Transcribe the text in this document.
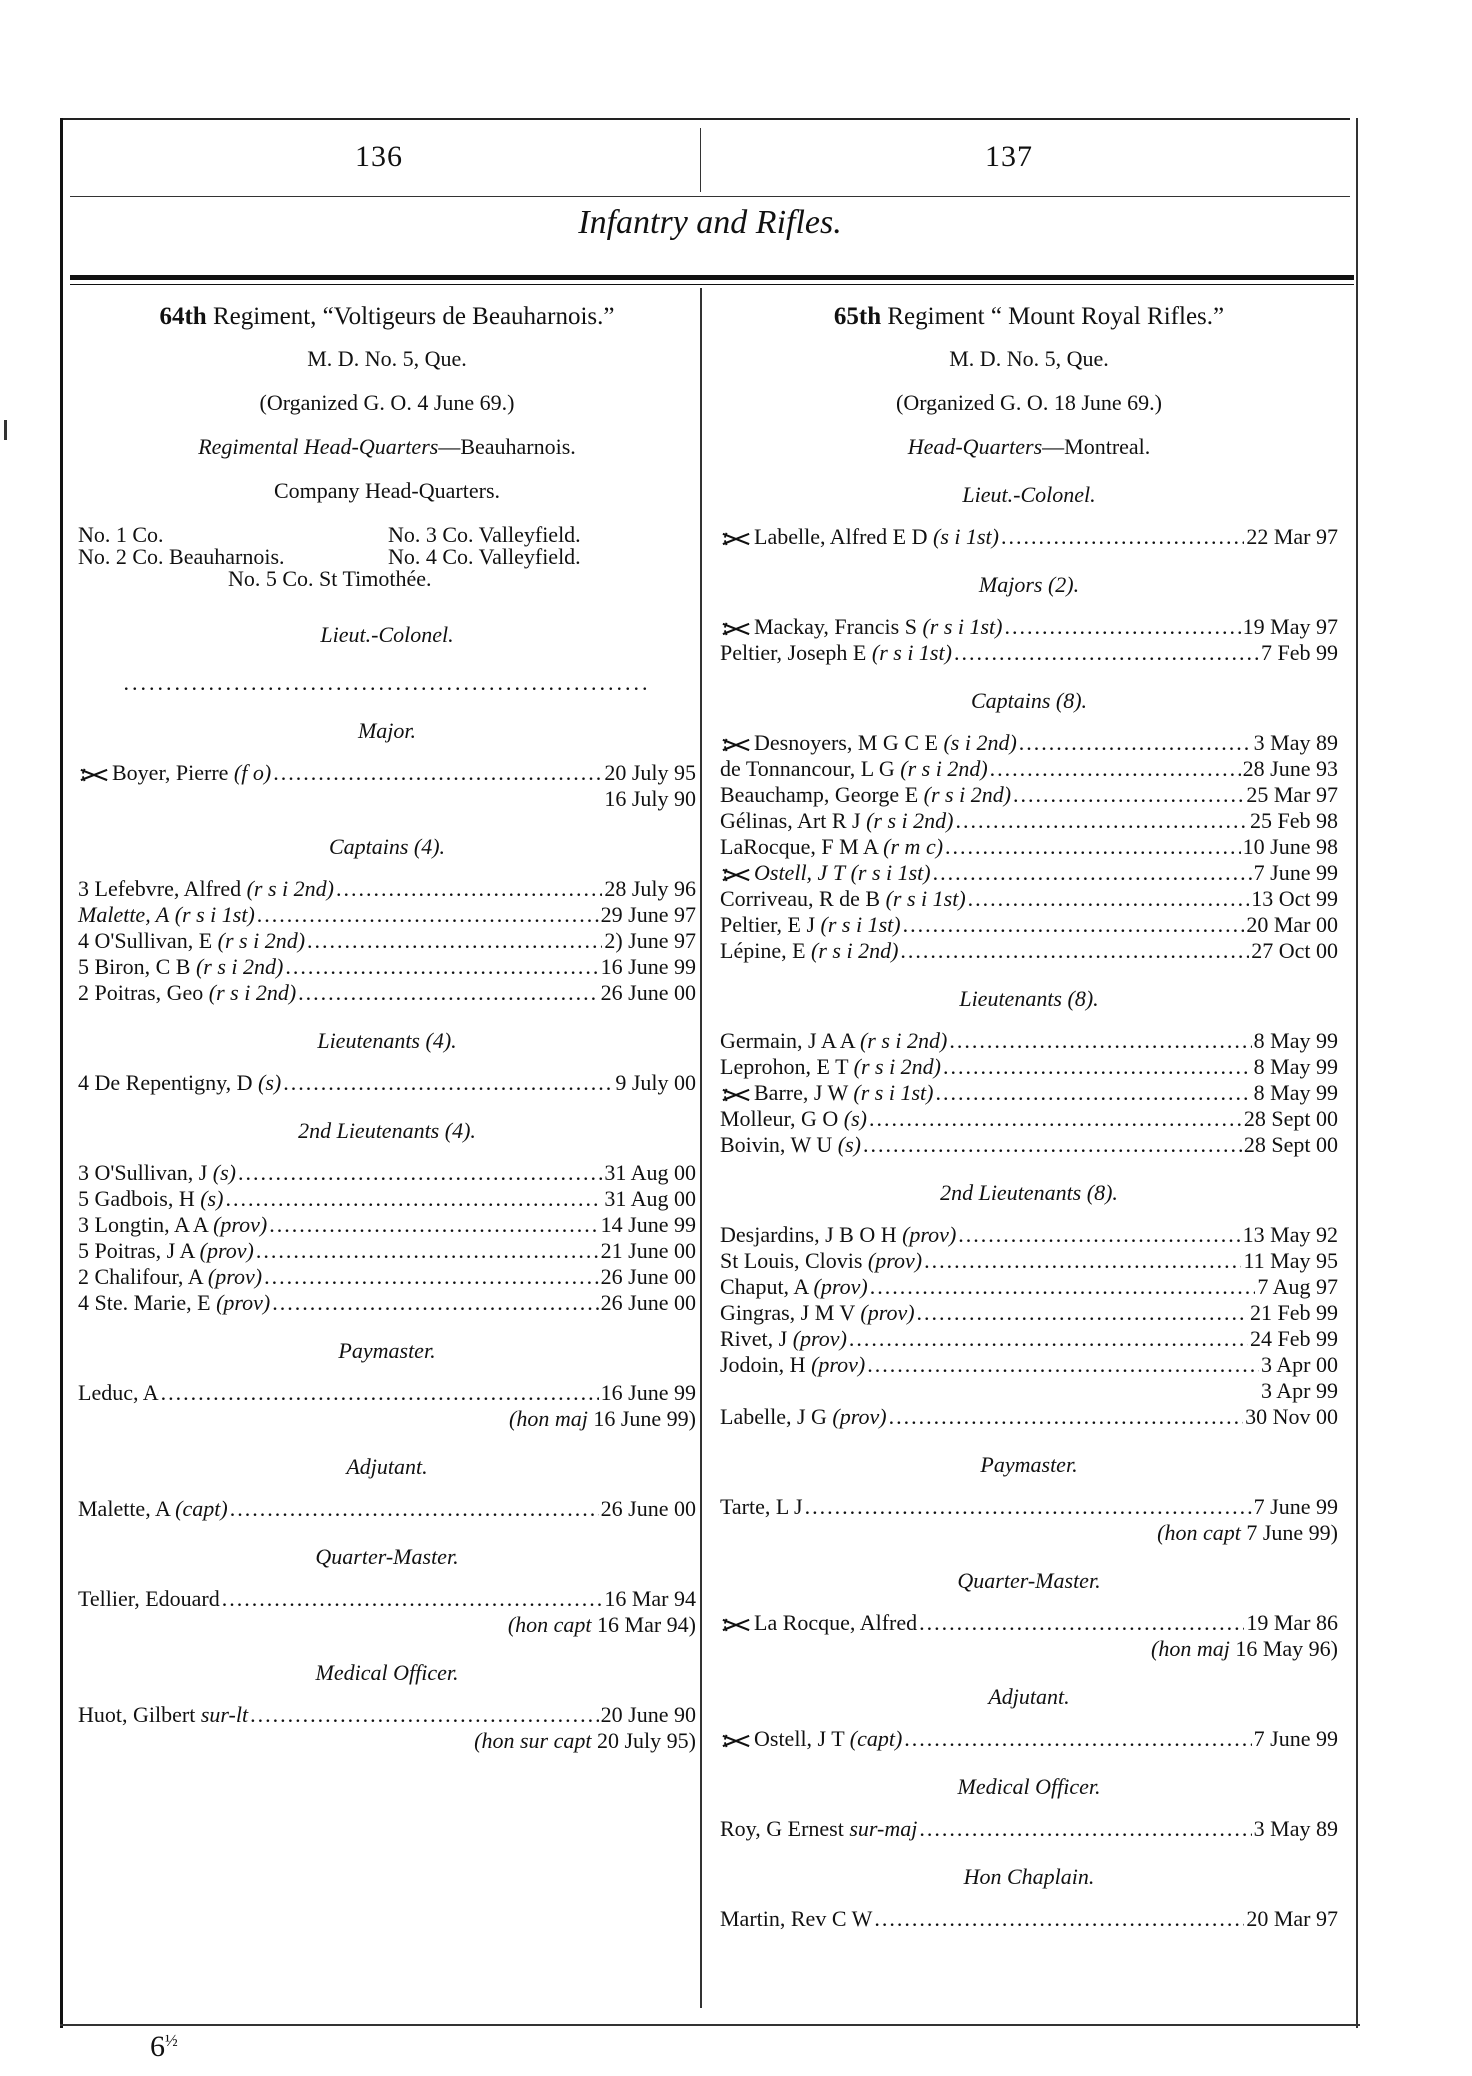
136	137
Infantry and Rifles.
64th Regiment, “Voltigeurs de Beauharnois.”
M. D. No. 5, Que.
(Organized G. O. 4 June 69.)
Regimental Head-Quarters—Beauharnois.
Company Head-Quarters.
No. 1 Co.	No. 3 Co. Valleyfield.
No. 2 Co. Beauharnois.	No. 4 Co. Valleyfield.
No. 5 Co. St Timothée.
Lieut.-Colonel.
..............................................................
Major.
Boyer, Pierre (f o) .....	20 July 95
16 July 90
Captains (4).
3 Lefebvre, Alfred (r s i 2nd) .....	28 July 96
Malette, A (r s i 1st) .....	29 June 97
4 O'Sullivan, E (r s i 2nd) .....	2) June 97
5 Biron, C B (r s i 2nd) .....	16 June 99
2 Poitras, Geo (r s i 2nd) .....	26 June 00
Lieutenants (4).
4 De Repentigny, D (s) .....	9 July 00
2nd Lieutenants (4).
3 O'Sullivan, J (s) .....	31 Aug 00
5 Gadbois, H (s) .....	31 Aug 00
3 Longtin, A A (prov) .....	14 June 99
5 Poitras, J A (prov) .....	21 June 00
2 Chalifour, A (prov) .....	26 June 00
4 Ste. Marie, E (prov) .....	26 June 00
Paymaster.
Leduc, A .....	16 June 99
(hon maj 16 June 99)
Adjutant.
Malette, A (capt) .....	26 June 00
Quarter-Master.
Tellier, Edouard .....	16 Mar 94
(hon capt 16 Mar 94)
Medical Officer.
Huot, Gilbert sur-lt .....	20 June 90
(hon sur capt 20 July 95)
65th Regiment “ Mount Royal Rifles.”
M. D. No. 5, Que.
(Organized G. O. 18 June 69.)
Head-Quarters—Montreal.
Lieut.-Colonel.
Labelle, Alfred E D (s i 1st) .....	22 Mar 97
Majors (2).
Mackay, Francis S (r s i 1st) .....	19 May 97
Peltier, Joseph E (r s i 1st) .....	7 Feb 99
Captains (8).
Desnoyers, M G C E (s i 2nd) .....	3 May 89
de Tonnancour, L G (r s i 2nd) .....	28 June 93
Beauchamp, George E (r s i 2nd) .....	25 Mar 97
Gélinas, Art R J (r s i 2nd) .....	25 Feb 98
LaRocque, F M A (r m c) .....	10 June 98
Ostell, J T (r s i 1st) .....	7 June 99
Corriveau, R de B (r s i 1st) .....	13 Oct 99
Peltier, E J (r s i 1st) .....	20 Mar 00
Lépine, E (r s i 2nd) .....	27 Oct 00
Lieutenants (8).
Germain, J A A (r s i 2nd) .....	8 May 99
Leprohon, E T (r s i 2nd) .....	8 May 99
Barre, J W (r s i 1st) .....	8 May 99
Molleur, G O (s) .....	28 Sept 00
Boivin, W U (s) .....	28 Sept 00
2nd Lieutenants (8).
Desjardins, J B O H (prov) .....	13 May 92
St Louis, Clovis (prov) .....	11 May 95
Chaput, A (prov) .....	7 Aug 97
Gingras, J M V (prov) .....	21 Feb 99
Rivet, J (prov) .....	24 Feb 99
Jodoin, H (prov) .....	3 Apr 00
3 Apr 99
Labelle, J G (prov) .....	30 Nov 00
Paymaster.
Tarte, L J .....	7 June 99
(hon capt 7 June 99)
Quarter-Master.
La Rocque, Alfred .....	19 Mar 86
(hon maj 16 May 96)
Adjutant.
Ostell, J T (capt) .....	7 June 99
Medical Officer.
Roy, G Ernest sur-maj .....	3 May 89
Hon Chaplain.
Martin, Rev C W .....	20 Mar 97
$6^{\frac{1}{2}}$
